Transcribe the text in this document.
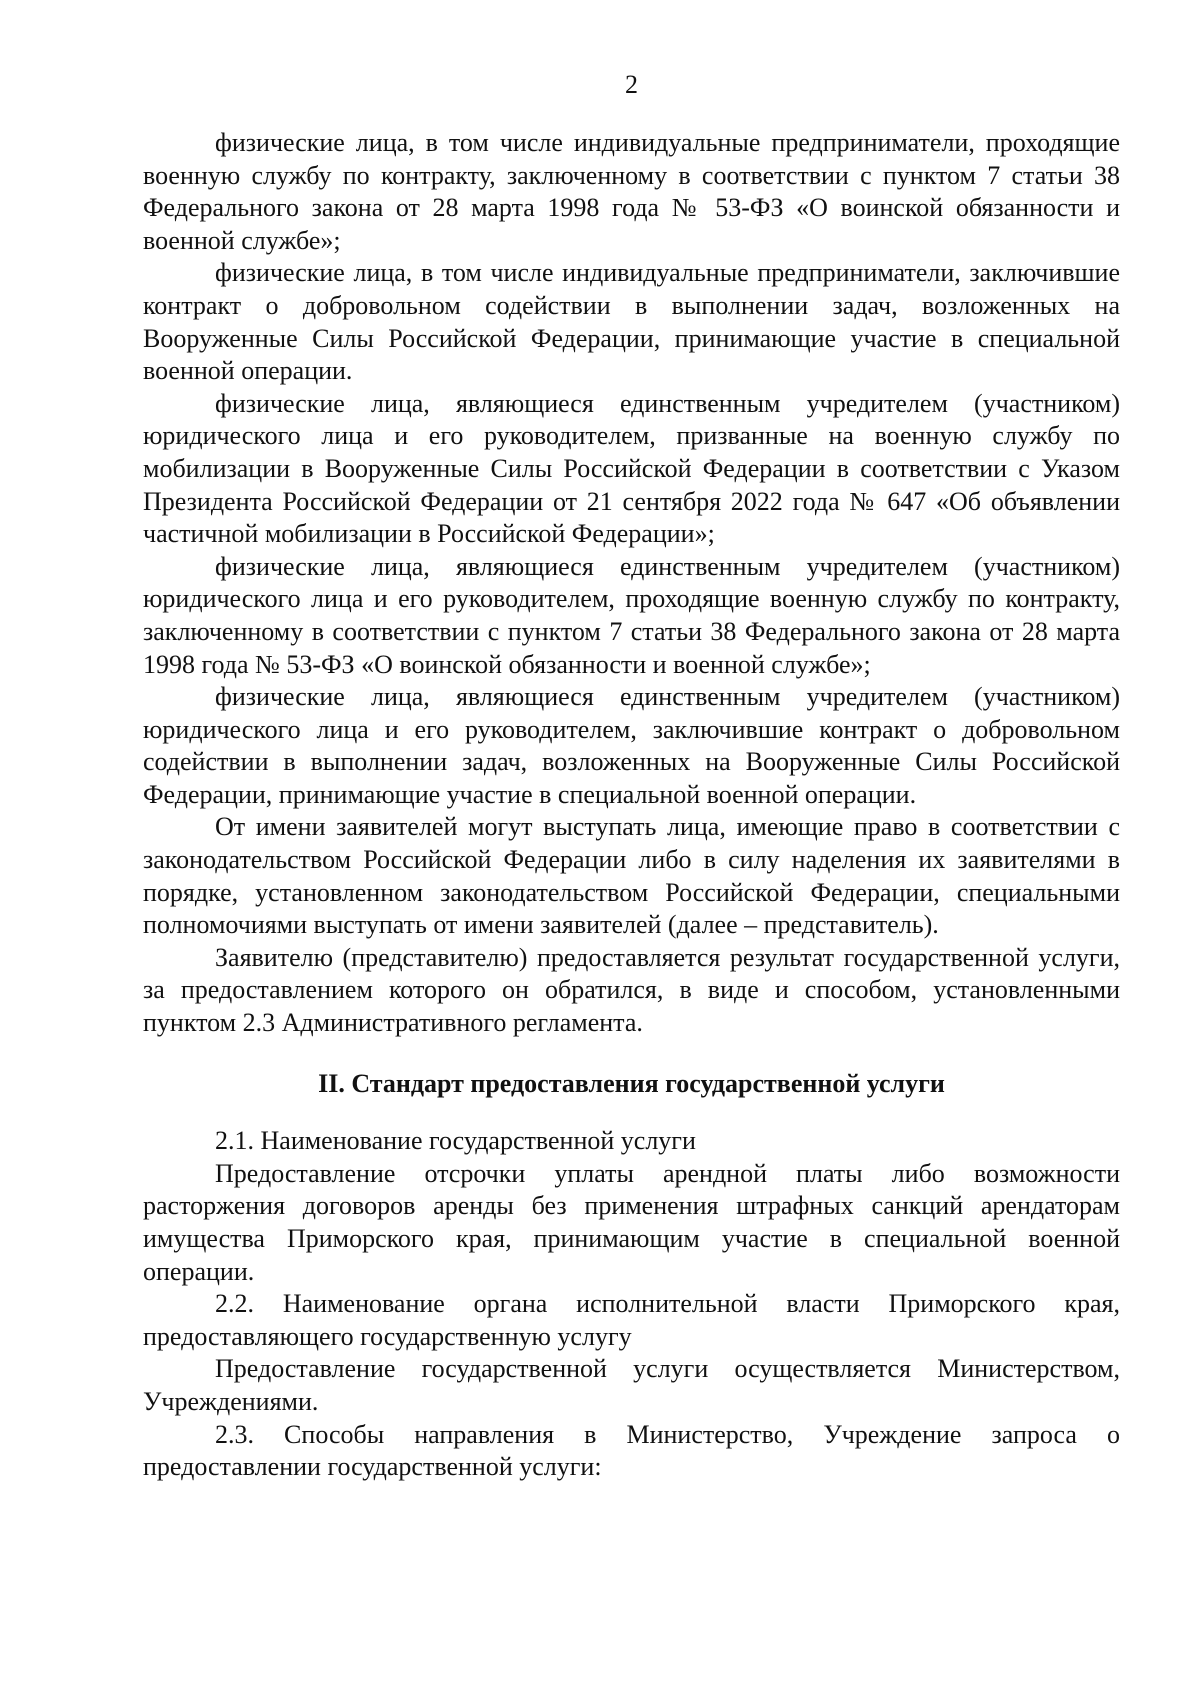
2

физические лица, в том числе индивидуальные предприниматели, проходящие военную службу по контракту, заключенному в соответствии с пунктом 7 статьи 38 Федерального закона от 28 марта 1998 года № 53-ФЗ «О воинской обязанности и военной службе»;

физические лица, в том числе индивидуальные предприниматели, заключившие контракт о добровольном содействии в выполнении задач, возложенных на Вооруженные Силы Российской Федерации, принимающие участие в специальной военной операции.

физические лица, являющиеся единственным учредителем (участником) юридического лица и его руководителем, призванные на военную службу по мобилизации в Вооруженные Силы Российской Федерации в соответствии с Указом Президента Российской Федерации от 21 сентября 2022 года № 647 «Об объявлении частичной мобилизации в Российской Федерации»;

физические лица, являющиеся единственным учредителем (участником) юридического лица и его руководителем, проходящие военную службу по контракту, заключенному в соответствии с пунктом 7 статьи 38 Федерального закона от 28 марта 1998 года № 53-ФЗ «О воинской обязанности и военной службе»;

физические лица, являющиеся единственным учредителем (участником) юридического лица и его руководителем, заключившие контракт о добровольном содействии в выполнении задач, возложенных на Вооруженные Силы Российской Федерации, принимающие участие в специальной военной операции.

От имени заявителей могут выступать лица, имеющие право в соответствии с законодательством Российской Федерации либо в силу наделения их заявителями в порядке, установленном законодательством Российской Федерации, специальными полномочиями выступать от имени заявителей (далее – представитель).

Заявителю (представителю) предоставляется результат государственной услуги, за предоставлением которого он обратился, в виде и способом, установленными пунктом 2.3 Административного регламента.

II. Стандарт предоставления государственной услуги

2.1. Наименование государственной услуги

Предоставление отсрочки уплаты арендной платы либо возможности расторжения договоров аренды без применения штрафных санкций арендаторам имущества Приморского края, принимающим участие в специальной военной операции.

2.2. Наименование органа исполнительной власти Приморского края, предоставляющего государственную услугу

Предоставление государственной услуги осуществляется Министерством, Учреждениями.

2.3. Способы направления в Министерство, Учреждение запроса о предоставлении государственной услуги:
